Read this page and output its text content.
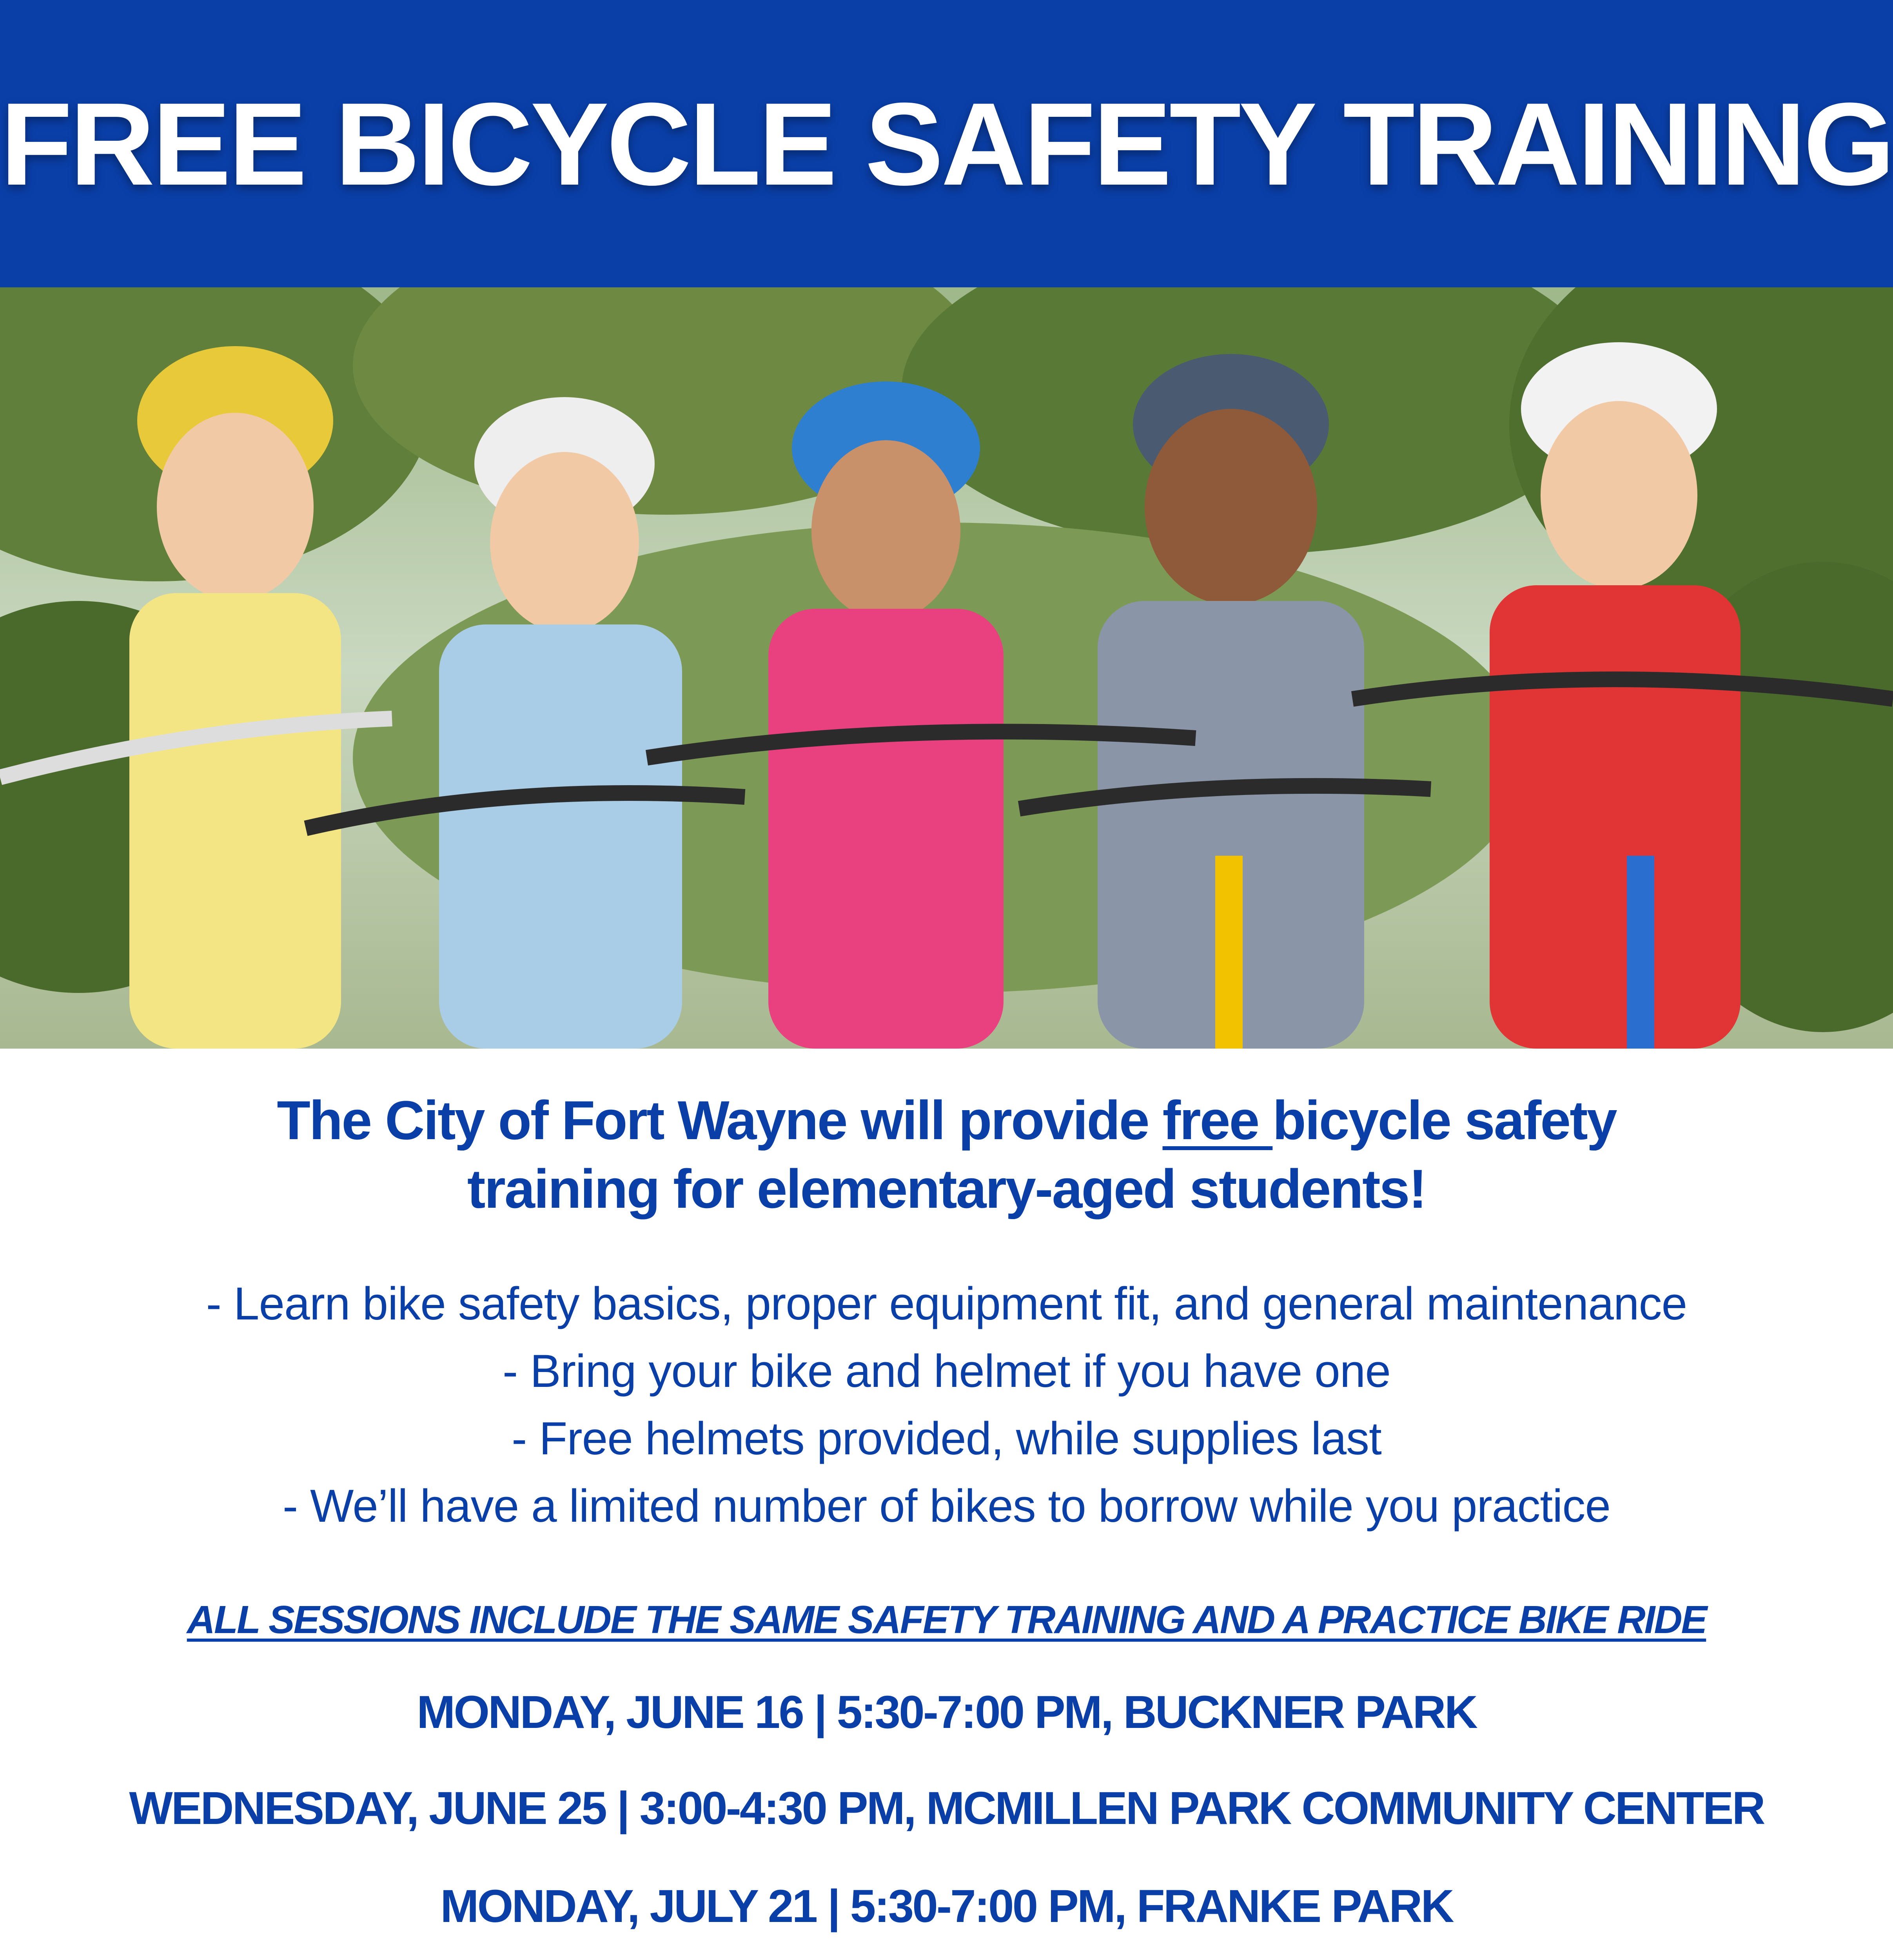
FREE BICYCLE SAFETY TRAINING
The City of Fort Wayne will provide free bicycle safety
training for elementary-aged students!
- Learn bike safety basics, proper equipment fit, and general maintenance
- Bring your bike and helmet if you have one
- Free helmets provided, while supplies last
- We’ll have a limited number of bikes to borrow while you practice
ALL SESSIONS INCLUDE THE SAME SAFETY TRAINING AND A PRACTICE BIKE RIDE
MONDAY, JUNE 16 | 5:30-7:00 PM, BUCKNER PARK
WEDNESDAY, JUNE 25 | 3:00-4:30 PM, MCMILLEN PARK COMMUNITY CENTER
MONDAY, JULY 21 | 5:30-7:00 PM, FRANKE PARK
